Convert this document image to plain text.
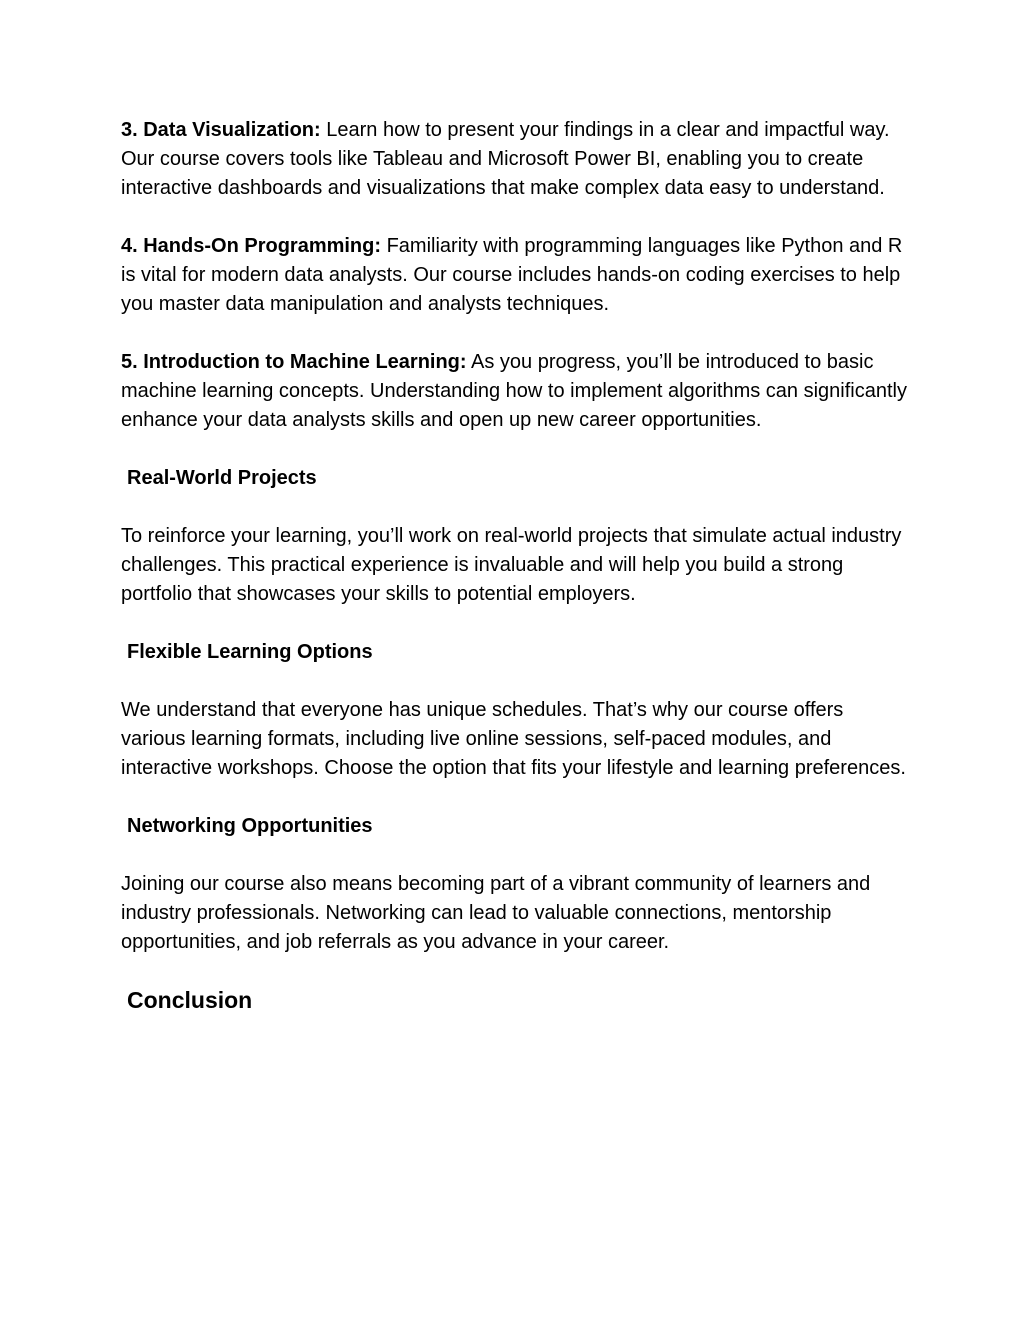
3. Data Visualization: Learn how to present your findings in a clear and impactful way. Our course covers tools like Tableau and Microsoft Power BI, enabling you to create interactive dashboards and visualizations that make complex data easy to understand.

4. Hands-On Programming: Familiarity with programming languages like Python and R is vital for modern data analysts. Our course includes hands-on coding exercises to help you master data manipulation and analysts techniques.

5. Introduction to Machine Learning: As you progress, you’ll be introduced to basic machine learning concepts. Understanding how to implement algorithms can significantly enhance your data analysts skills and open up new career opportunities.

Real-World Projects

To reinforce your learning, you’ll work on real-world projects that simulate actual industry challenges. This practical experience is invaluable and will help you build a strong portfolio that showcases your skills to potential employers.

Flexible Learning Options

We understand that everyone has unique schedules. That’s why our course offers various learning formats, including live online sessions, self-paced modules, and interactive workshops. Choose the option that fits your lifestyle and learning preferences.

Networking Opportunities

Joining our course also means becoming part of a vibrant community of learners and industry professionals. Networking can lead to valuable connections, mentorship opportunities, and job referrals as you advance in your career.

Conclusion
